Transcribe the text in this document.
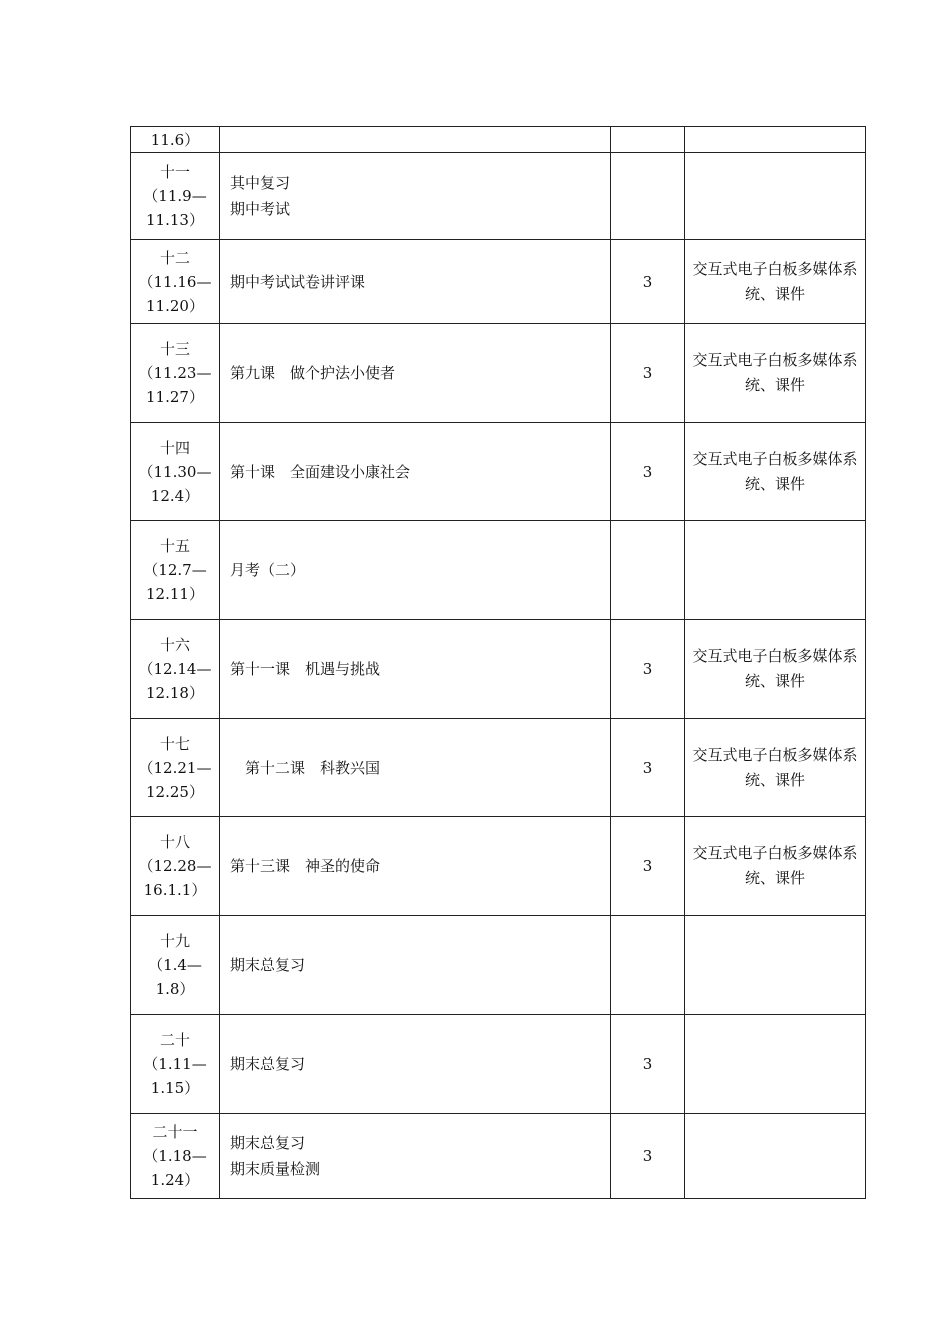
11.6）			

十一
（11.9—
11.13）	其中复习
期中考试		

十二
（11.16—
11.20）	期中考试试卷讲评课	3	交互式电子白板多媒体系统、课件

十三
（11.23—
11.27）	第九课　做个护法小使者	3	交互式电子白板多媒体系统、课件

十四
（11.30—
12.4）	第十课　全面建设小康社会	3	交互式电子白板多媒体系统、课件

十五
（12.7—
12.11）	月考（二）		

十六
（12.14—
12.18）	第十一课　机遇与挑战	3	交互式电子白板多媒体系统、课件

十七
（12.21—
12.25）	　第十二课　科教兴国	3	交互式电子白板多媒体系统、课件

十八
（12.28—
16.1.1）	第十三课　神圣的使命	3	交互式电子白板多媒体系统、课件

十九
（1.4—
1.8）	期末总复习		

二十
（1.11—
1.15）	期末总复习	3	

二十一
（1.18—
1.24）	期末总复习
期末质量检测	3	
